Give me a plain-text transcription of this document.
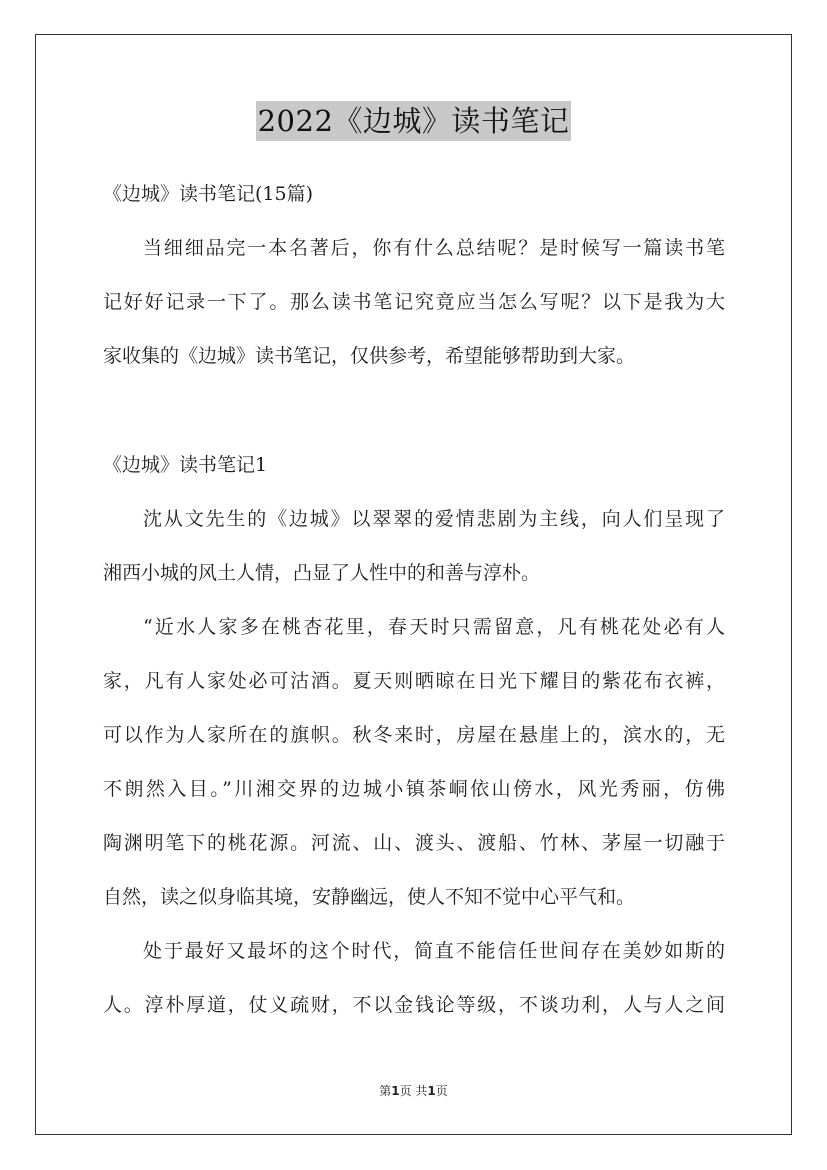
2022《边城》读书笔记
《边城》读书笔记(15篇)
当细细品完一本名著后，你有什么总结呢？是时候写一篇读书笔
记好好记录一下了。那么读书笔记究竟应当怎么写呢？以下是我为大
家收集的《边城》读书笔记，仅供参考，希望能够帮助到大家。
《边城》读书笔记1
沈从文先生的《边城》以翠翠的爱情悲剧为主线，向人们呈现了
湘西小城的风土人情，凸显了人性中的和善与淳朴。
“近水人家多在桃杏花里，春天时只需留意，凡有桃花处必有人
家，凡有人家处必可沽酒。夏天则晒晾在日光下耀目的紫花布衣裤，
可以作为人家所在的旗帜。秋冬来时，房屋在悬崖上的，滨水的，无
不朗然入目。”川湘交界的边城小镇茶峒依山傍水，风光秀丽，仿佛
陶渊明笔下的桃花源。河流、山、渡头、渡船、竹林、茅屋一切融于
自然，读之似身临其境，安静幽远，使人不知不觉中心平气和。
处于最好又最坏的这个时代，简直不能信任世间存在美妙如斯的
人。淳朴厚道，仗义疏财，不以金钱论等级，不谈功利，人与人之间
第1页 共1页
